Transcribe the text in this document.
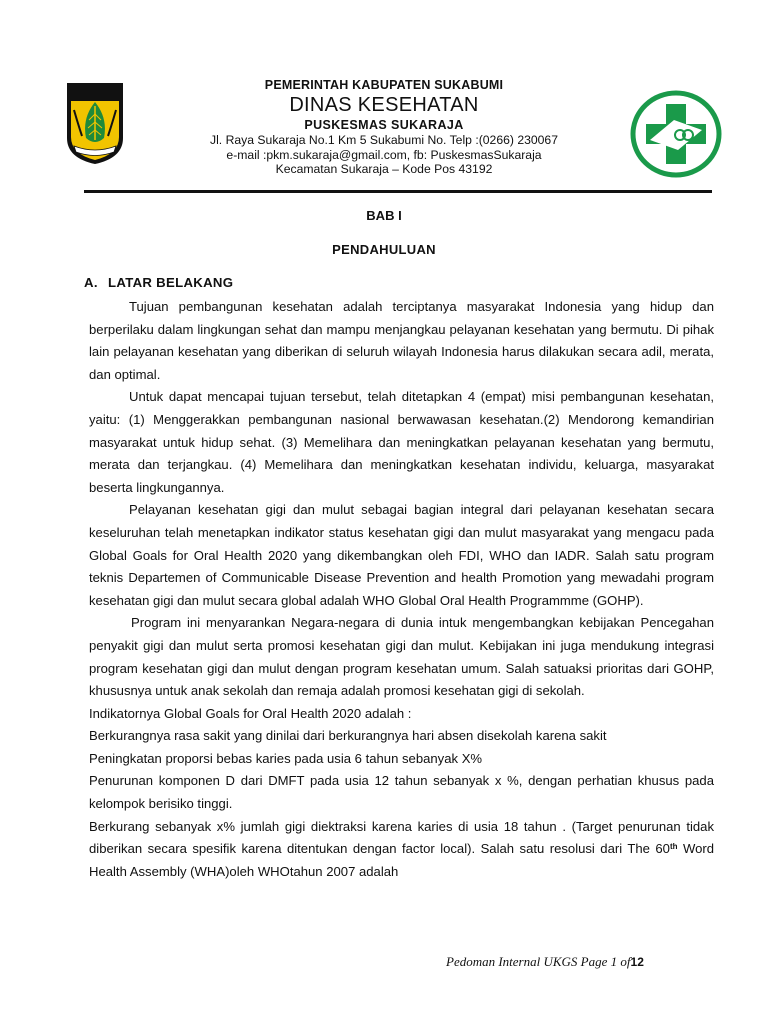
PEMERINTAH KABUPATEN SUKABUMI
DINAS KESEHATAN
PUSKESMAS SUKARAJA
Jl. Raya Sukaraja No.1 Km 5 Sukabumi No. Telp :(0266) 230067
e-mail :pkm.sukaraja@gmail.com, fb: PuskesmasSukaraja
Kecamatan Sukaraja – Kode Pos 43192
BAB I
PENDAHULUAN
A. LATAR BELAKANG

Tujuan pembangunan kesehatan adalah terciptanya masyarakat Indonesia yang hidup dan berperilaku dalam lingkungan sehat dan mampu menjangkau pelayanan kesehatan yang bermutu. Di pihak lain pelayanan kesehatan yang diberikan di seluruh wilayah Indonesia harus dilakukan secara adil, merata, dan optimal.

Untuk dapat mencapai tujuan tersebut, telah ditetapkan 4 (empat) misi pembangunan kesehatan, yaitu: (1) Menggerakkan pembangunan nasional berwawasan kesehatan.(2) Mendorong kemandirian masyarakat untuk hidup sehat. (3) Memelihara dan meningkatkan pelayanan kesehatan yang bermutu, merata dan terjangkau. (4) Memelihara dan meningkatkan kesehatan individu, keluarga, masyarakat beserta lingkungannya.

Pelayanan kesehatan gigi dan mulut sebagai bagian integral dari pelayanan kesehatan secara keseluruhan telah menetapkan indikator status kesehatan gigi dan mulut masyarakat yang mengacu pada Global Goals for Oral Health 2020 yang dikembangkan oleh FDI, WHO dan IADR. Salah satu program teknis Departemen of Communicable Disease Prevention and health Promotion yang mewadahi program kesehatan gigi dan mulut secara global adalah WHO Global Oral Health Programmme (GOHP).

Program ini menyarankan Negara-negara di dunia intuk mengembangkan kebijakan Pencegahan penyakit gigi dan mulut serta promosi kesehatan gigi dan mulut. Kebijakan ini juga mendukung integrasi program kesehatan gigi dan mulut dengan program kesehatan umum. Salah satuaksi prioritas dari GOHP, khususnya untuk anak sekolah dan remaja adalah promosi kesehatan gigi di sekolah.

Indikatornya Global Goals for Oral Health 2020 adalah :

Berkurangnya rasa sakit yang dinilai dari berkurangnya hari absen disekolah karena sakit

Peningkatan proporsi bebas karies pada usia 6 tahun sebanyak X%

Penurunan komponen D dari DMFT pada usia 12 tahun sebanyak x %, dengan perhatian khusus pada kelompok berisiko tinggi.

Berkurang sebanyak x% jumlah gigi diektraksi karena karies di usia 18 tahun . (Target penurunan tidak diberikan secara spesifik karena ditentukan dengan factor local). Salah satu resolusi dari The 60th Word Health Assembly (WHA)oleh WHOtahun 2007 adalah

Pedoman Internal UKGS Page 1 of12
